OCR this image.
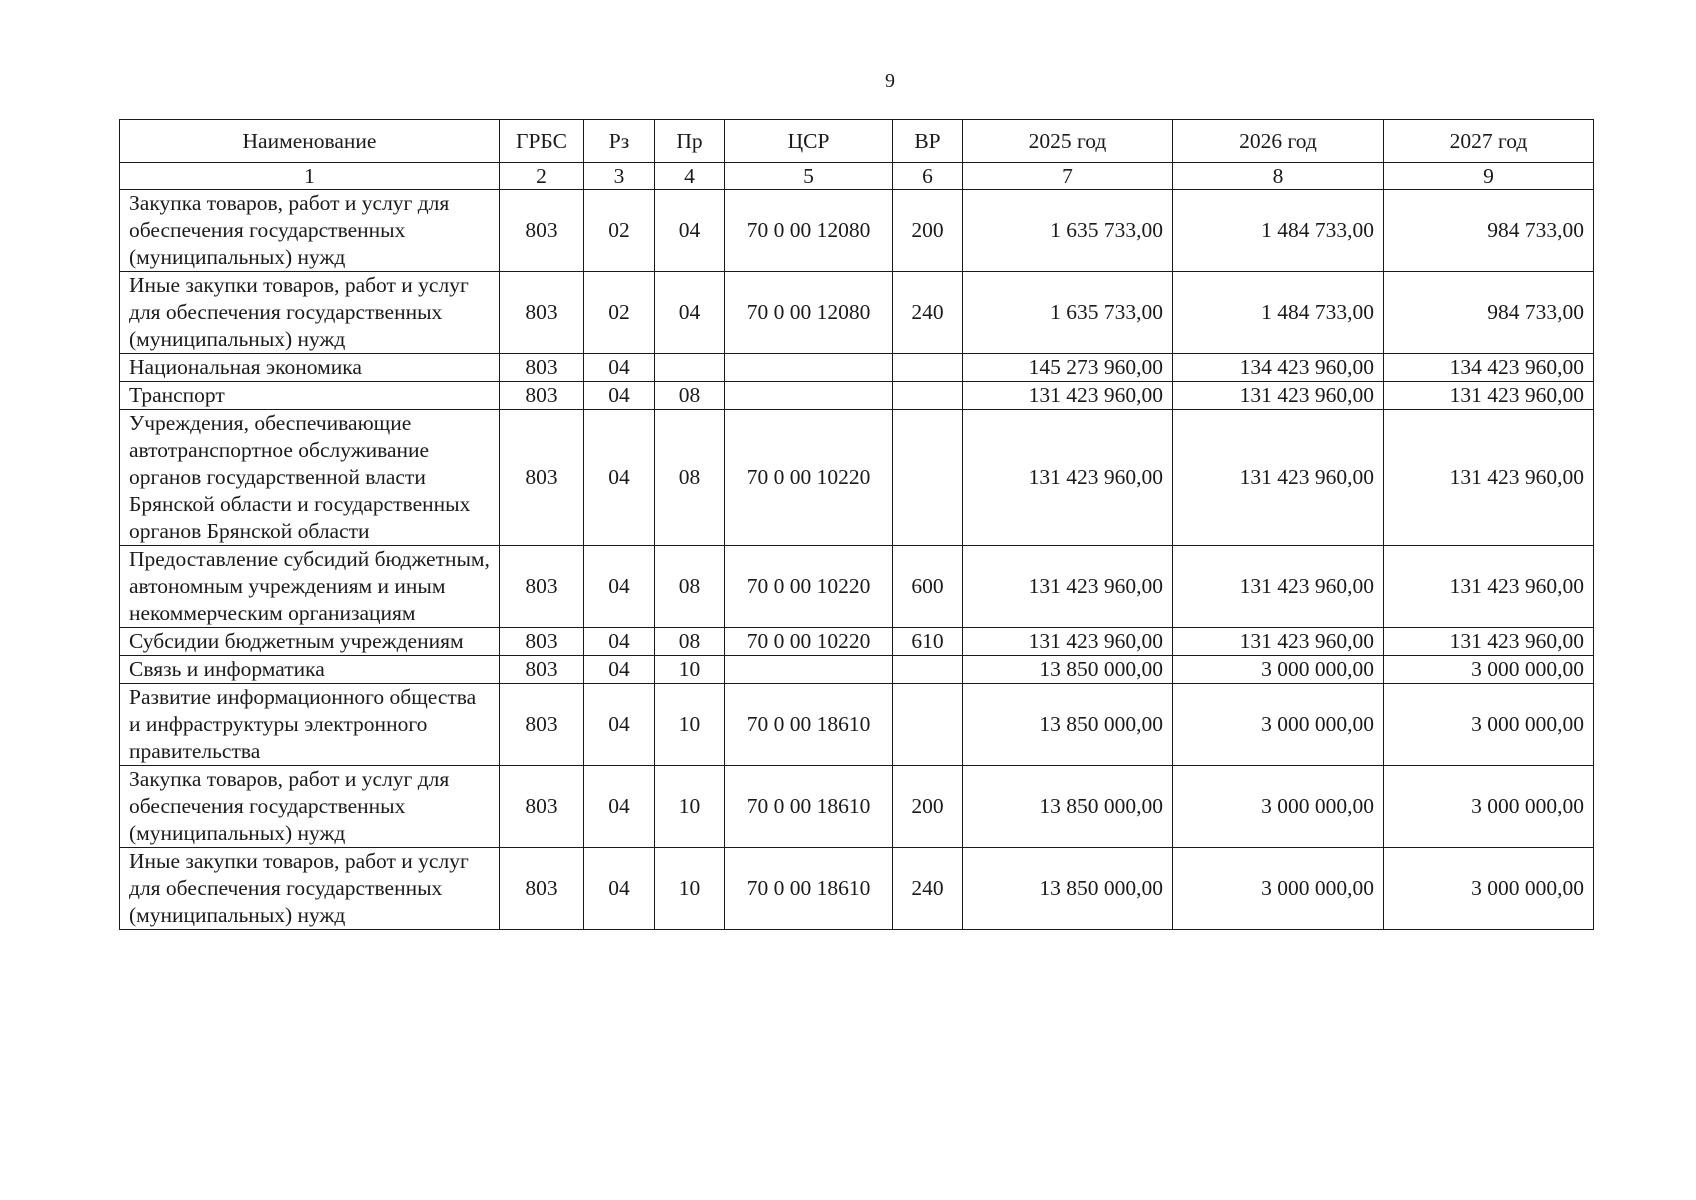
9
Наименование	ГРБС	Рз	Пр	ЦСР	ВР	2025 год	2026 год	2027 год
1	2	3	4	5	6	7	8	9
Закупка товаров, работ и услуг для обеспечения государственных (муниципальных) нужд	803	02	04	70 0 00 12080	200	1 635 733,00	1 484 733,00	984 733,00
Иные закупки товаров, работ и услуг для обеспечения государственных (муниципальных) нужд	803	02	04	70 0 00 12080	240	1 635 733,00	1 484 733,00	984 733,00
Национальная экономика	803	04				145 273 960,00	134 423 960,00	134 423 960,00
Транспорт	803	04	08			131 423 960,00	131 423 960,00	131 423 960,00
Учреждения, обеспечивающие автотранспортное обслуживание органов государственной власти Брянской области и государственных органов Брянской области	803	04	08	70 0 00 10220		131 423 960,00	131 423 960,00	131 423 960,00
Предоставление субсидий бюджетным, автономным учреждениям и иным некоммерческим организациям	803	04	08	70 0 00 10220	600	131 423 960,00	131 423 960,00	131 423 960,00
Субсидии бюджетным учреждениям	803	04	08	70 0 00 10220	610	131 423 960,00	131 423 960,00	131 423 960,00
Связь и информатика	803	04	10			13 850 000,00	3 000 000,00	3 000 000,00
Развитие информационного общества и инфраструктуры электронного правительства	803	04	10	70 0 00 18610		13 850 000,00	3 000 000,00	3 000 000,00
Закупка товаров, работ и услуг для обеспечения государственных (муниципальных) нужд	803	04	10	70 0 00 18610	200	13 850 000,00	3 000 000,00	3 000 000,00
Иные закупки товаров, работ и услуг для обеспечения государственных (муниципальных) нужд	803	04	10	70 0 00 18610	240	13 850 000,00	3 000 000,00	3 000 000,00
